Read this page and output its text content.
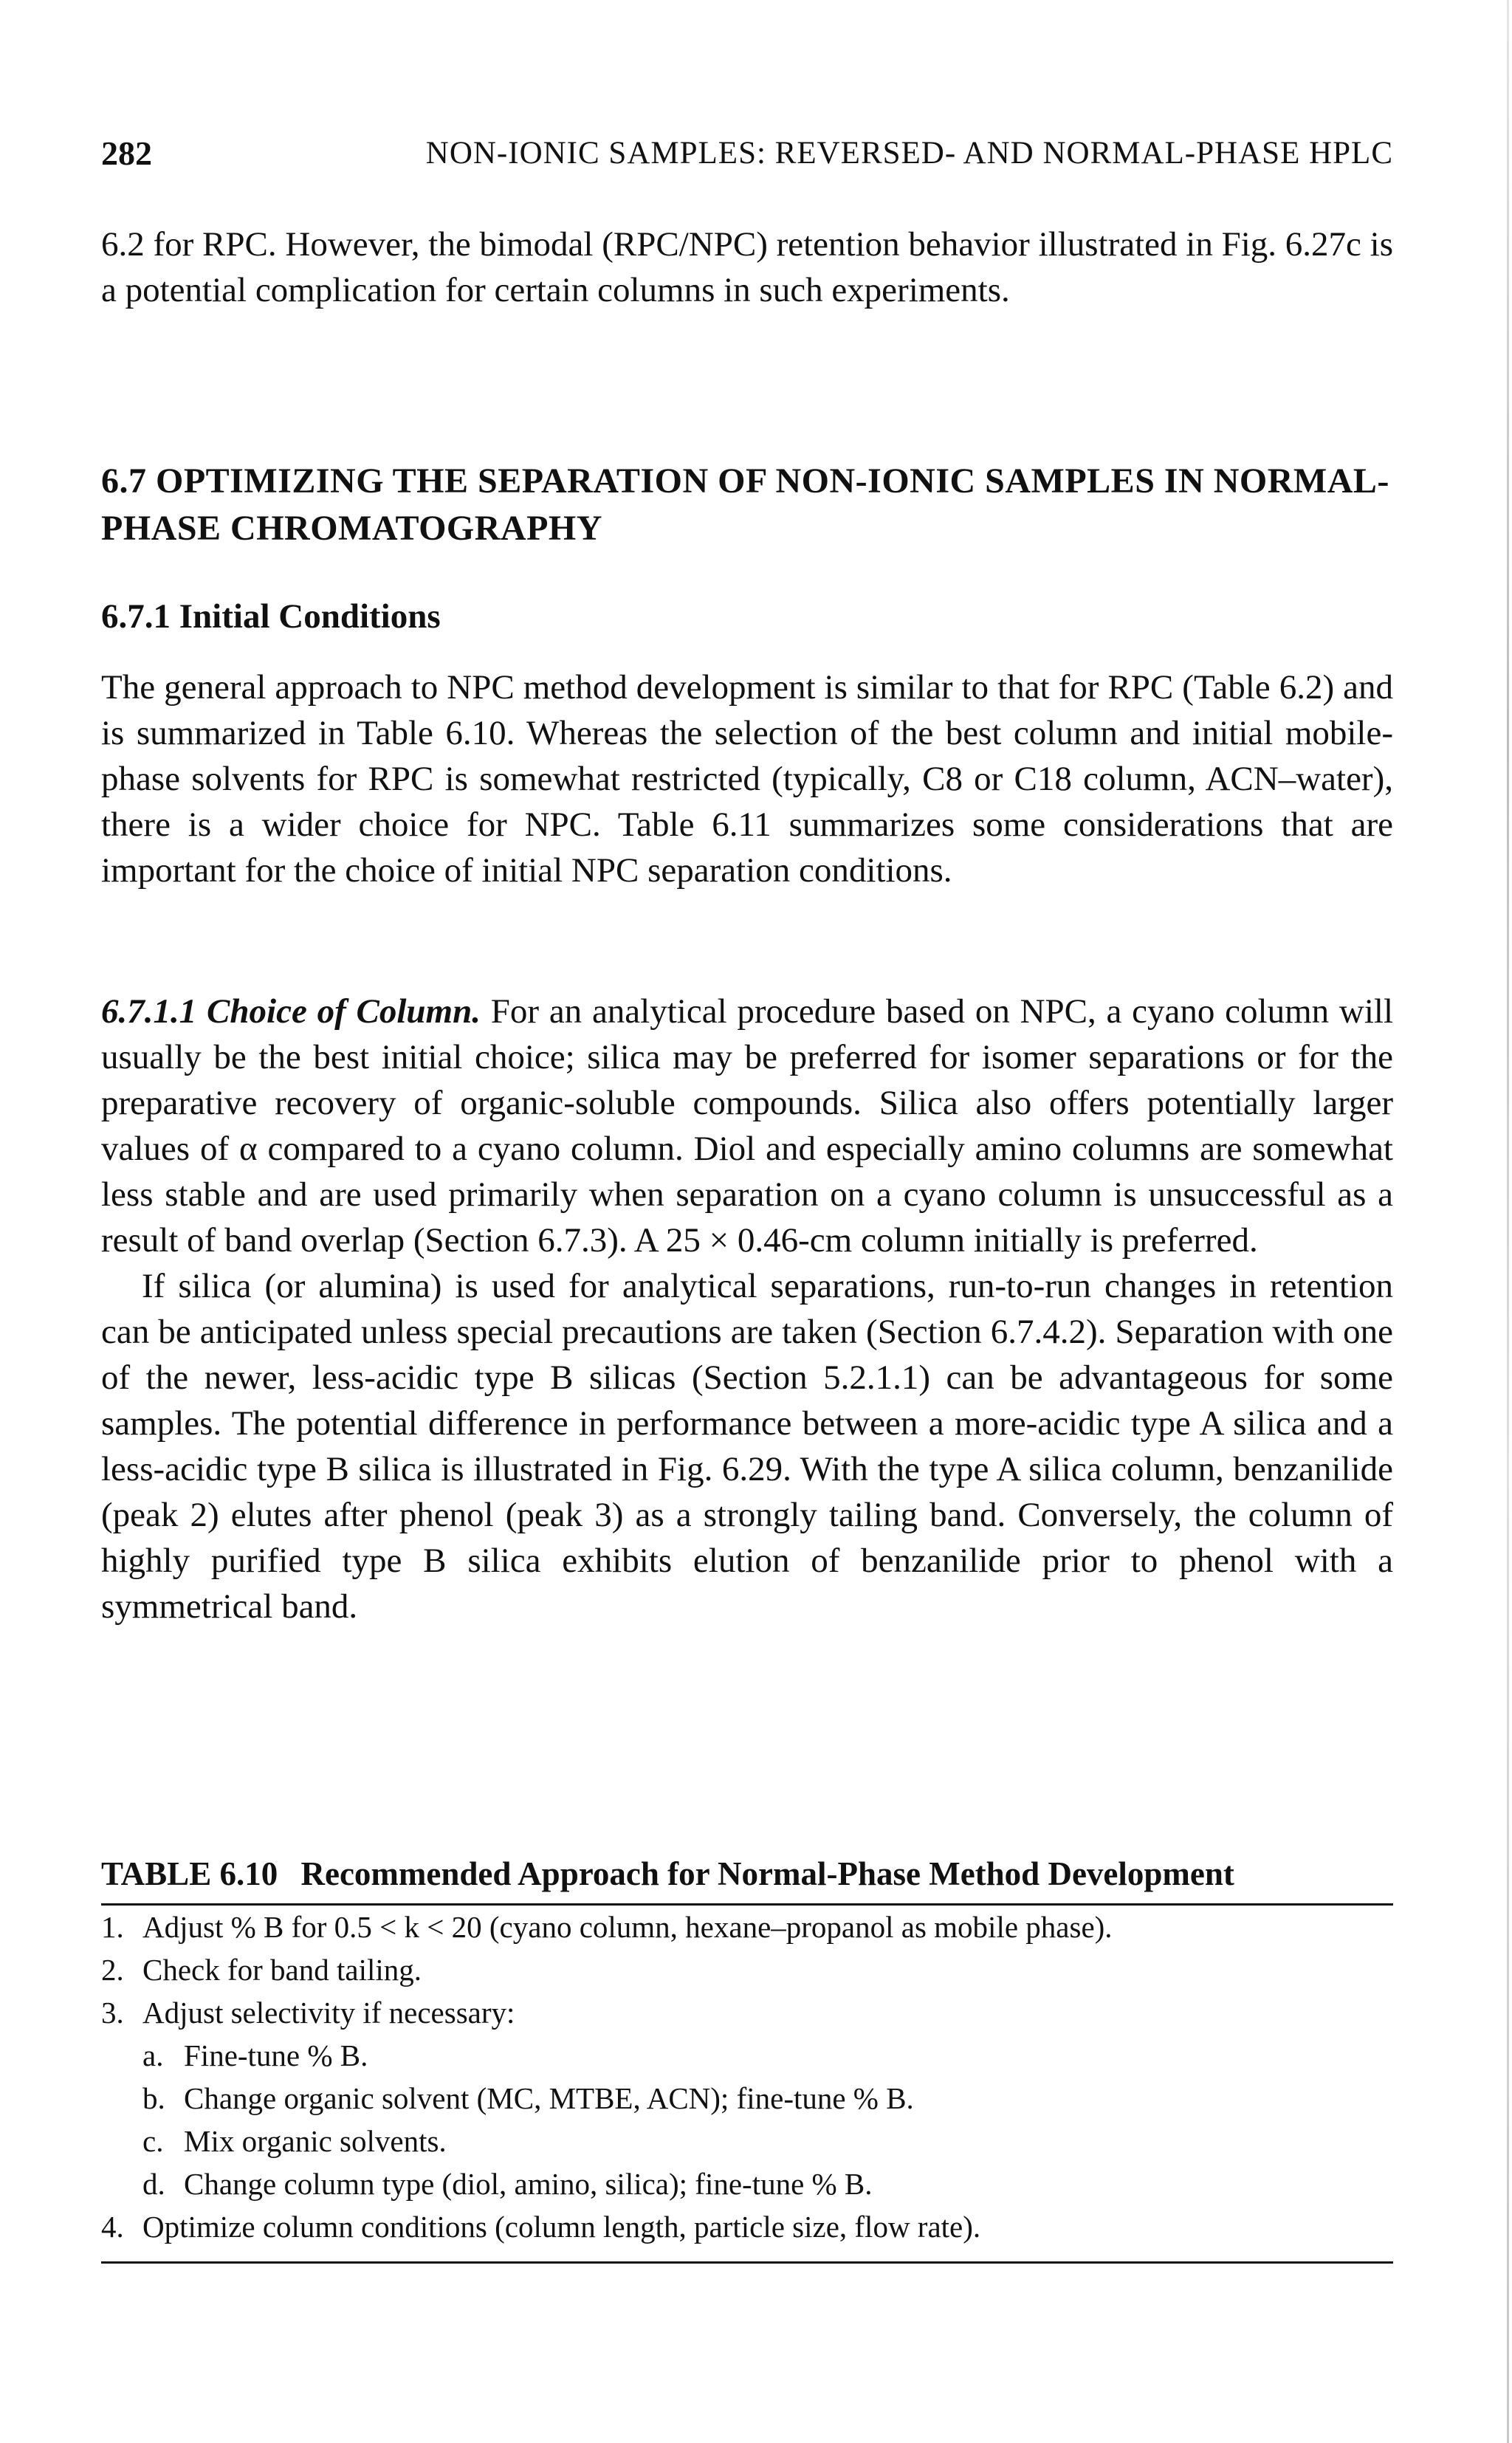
282	NON-IONIC SAMPLES: REVERSED- AND NORMAL-PHASE HPLC

6.2 for RPC. However, the bimodal (RPC/NPC) retention behavior illustrated in Fig. 6.27c is a potential complication for certain columns in such experiments.

6.7 OPTIMIZING THE SEPARATION OF NON-IONIC SAMPLES IN NORMAL-PHASE CHROMATOGRAPHY
6.7.1 Initial Conditions

The general approach to NPC method development is similar to that for RPC (Table 6.2) and is summarized in Table 6.10. Whereas the selection of the best column and initial mobile-phase solvents for RPC is somewhat restricted (typically, C8 or C18 column, ACN–water), there is a wider choice for NPC. Table 6.11 summarizes some considerations that are important for the choice of initial NPC separation conditions.

6.7.1.1 Choice of Column. For an analytical procedure based on NPC, a cyano column will usually be the best initial choice; silica may be preferred for isomer separations or for the preparative recovery of organic-soluble compounds. Silica also offers potentially larger values of α compared to a cyano column. Diol and especially amino columns are somewhat less stable and are used primarily when separation on a cyano column is unsuccessful as a result of band overlap (Section 6.7.3). A 25 × 0.46-cm column initially is preferred.

If silica (or alumina) is used for analytical separations, run-to-run changes in retention can be anticipated unless special precautions are taken (Section 6.7.4.2). Separation with one of the newer, less-acidic type B silicas (Section 5.2.1.1) can be advantageous for some samples. The potential difference in performance between a more-acidic type A silica and a less-acidic type B silica is illustrated in Fig. 6.29. With the type A silica column, benzanilide (peak 2) elutes after phenol (peak 3) as a strongly tailing band. Conversely, the column of highly purified type B silica exhibits elution of benzanilide prior to phenol with a symmetrical band.

TABLE 6.10 Recommended Approach for Normal-Phase Method Development

1. Adjust % B for 0.5 < k < 20 (cyano column, hexane–propanol as mobile phase).
2. Check for band tailing.
3. Adjust selectivity if necessary:
a. Fine-tune % B.
b. Change organic solvent (MC, MTBE, ACN); fine-tune % B.
c. Mix organic solvents.
d. Change column type (diol, amino, silica); fine-tune % B.
4. Optimize column conditions (column length, particle size, flow rate).
